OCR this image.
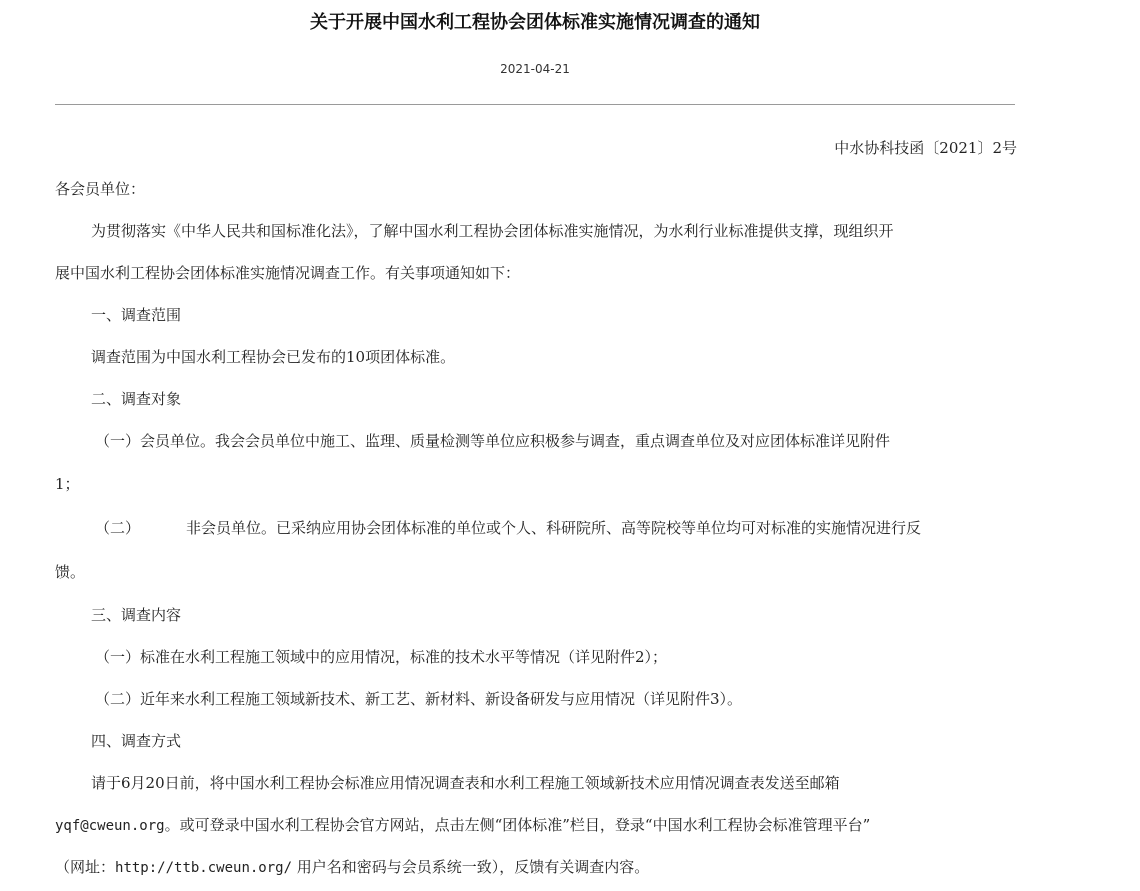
关于开展中国水利工程协会团体标准实施情况调查的通知
2021-04-21
中水协科技函〔2021〕2号
各会员单位：
为贯彻落实《中华人民共和国标准化法》，了解中国水利工程协会团体标准实施情况，为水利行业标准提供支撑，现组织开
展中国水利工程协会团体标准实施情况调查工作。有关事项通知如下：
一、调查范围
调查范围为中国水利工程协会已发布的10项团体标准。
二、调查对象
（一）会员单位。我会会员单位中施工、监理、质量检测等单位应积极参与调查，重点调查单位及对应团体标准详见附件
1；
（二）	非会员单位。已采纳应用协会团体标准的单位或个人、科研院所、高等院校等单位均可对标准的实施情况进行反
馈。
三、调查内容
（一）标准在水利工程施工领域中的应用情况，标准的技术水平等情况（详见附件2）；
（二）近年来水利工程施工领域新技术、新工艺、新材料、新设备研发与应用情况（详见附件3）。
四、调查方式
请于6月20日前，将中国水利工程协会标准应用情况调查表和水利工程施工领域新技术应用情况调查表发送至邮箱
yqf@cweun.org。或可登录中国水利工程协会官方网站，点击左侧“团体标准”栏目，登录“中国水利工程协会标准管理平台”
（网址：http://ttb.cweun.org/ 用户名和密码与会员系统一致），反馈有关调查内容。
